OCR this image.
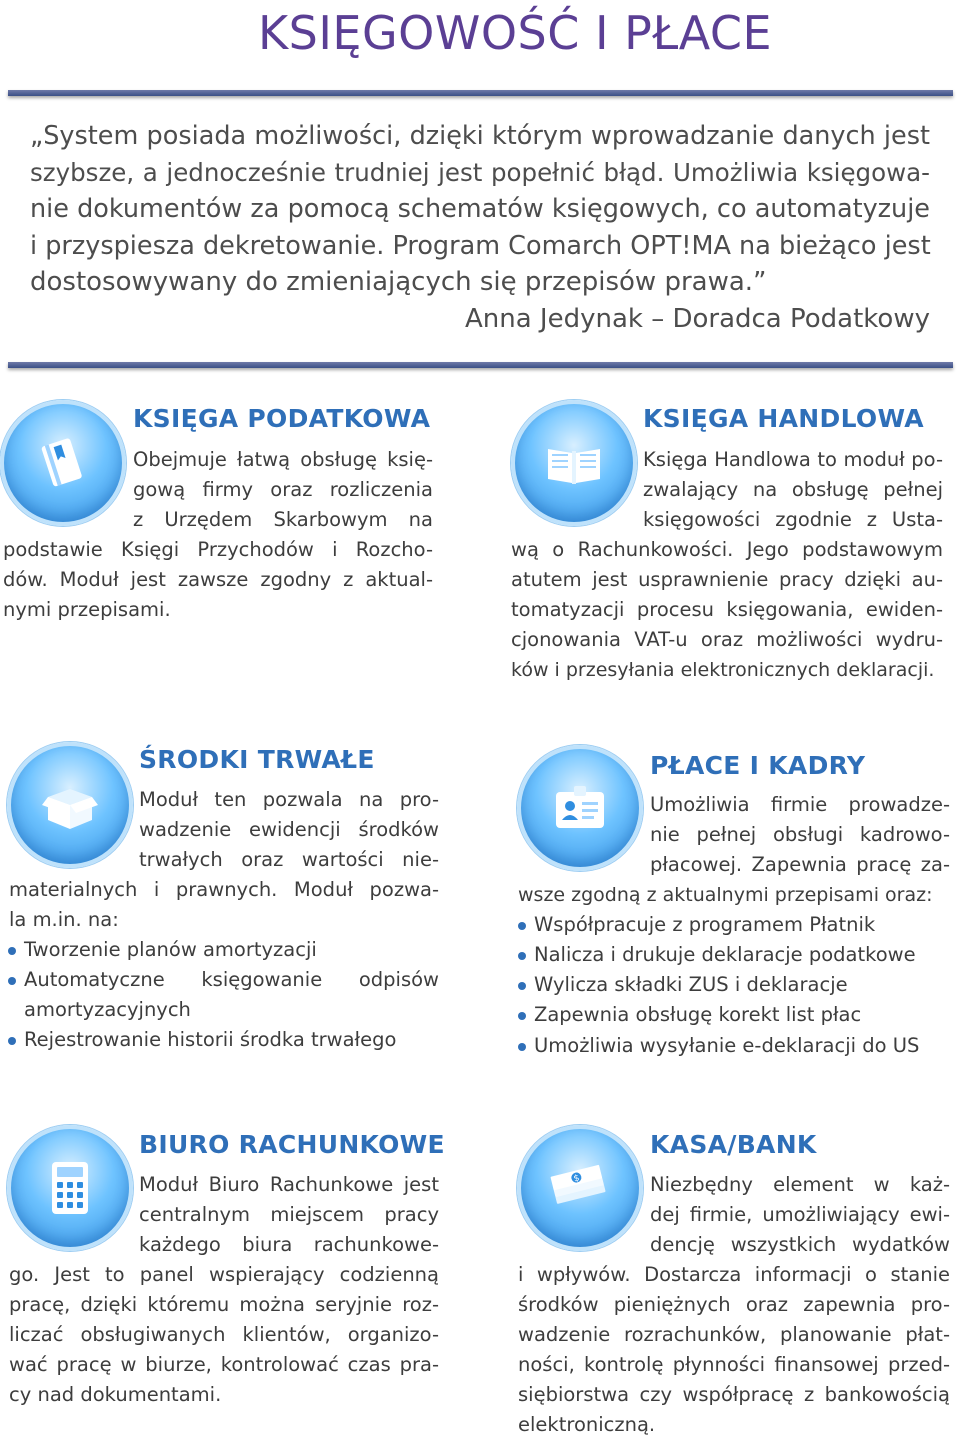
KSIĘGOWOŚĆ I PŁACE
„System posiada możliwości, dzięki którym wprowadzanie danych jest
szybsze, a jednocześnie trudniej jest popełnić błąd. Umożliwia księgowa-
nie dokumentów za pomocą schematów księgowych, co automatyzuje
i przyspiesza dekretowanie. Program Comarch OPT!MA na bieżąco jest
dostosowywany do zmieniających się przepisów prawa.”
Anna Jedynak – Doradca Podatkowy
KSIĘGA PODATKOWA
Obejmuje łatwą obsługę księ-
gową firmy oraz rozliczenia
z Urzędem Skarbowym na
podstawie Księgi Przychodów i Rozcho-
dów. Moduł jest zawsze zgodny z aktual-
nymi przepisami.
KSIĘGA HANDLOWA
Księga Handlowa to moduł po-
zwalający na obsługę pełnej
księgowości zgodnie z Usta-
wą o Rachunkowości. Jego podstawowym
atutem jest usprawnienie pracy dzięki au-
tomatyzacji procesu księgowania, ewiden-
cjonowania VAT-u oraz możliwości wydru-
ków i przesyłania elektronicznych deklaracji.
ŚRODKI TRWAŁE
Moduł ten pozwala na pro-
wadzenie ewidencji środków
trwałych oraz wartości nie-
materialnych i prawnych. Moduł pozwa-
la m.in. na:
Tworzenie planów amortyzacji
Automatyczne księgowanie odpisów
amortyzacyjnych
Rejestrowanie historii środka trwałego
PŁACE I KADRY
Umożliwia firmie prowadze-
nie pełnej obsługi kadrowo-
płacowej. Zapewnia pracę za-
wsze zgodną z aktualnymi przepisami oraz:
Współpracuje z programem Płatnik
Nalicza i drukuje deklaracje podatkowe
Wylicza składki ZUS i deklaracje
Zapewnia obsługę korekt list płac
Umożliwia wysyłanie e-deklaracji do US
BIURO RACHUNKOWE
Moduł Biuro Rachunkowe jest
centralnym miejscem pracy
każdego biura rachunkowe-
go. Jest to panel wspierający codzienną
pracę, dzięki któremu można seryjnie roz-
liczać obsługiwanych klientów, organizo-
wać pracę w biurze, kontrolować czas pra-
cy nad dokumentami.
$
KASA/BANK
Niezbędny element w każ-
dej firmie, umożliwiający ewi-
dencję wszystkich wydatków
i wpływów. Dostarcza informacji o stanie
środków pieniężnych oraz zapewnia pro-
wadzenie rozrachunków, planowanie płat-
ności, kontrolę płynności finansowej przed-
siębiorstwa czy współpracę z bankowością
elektroniczną.
